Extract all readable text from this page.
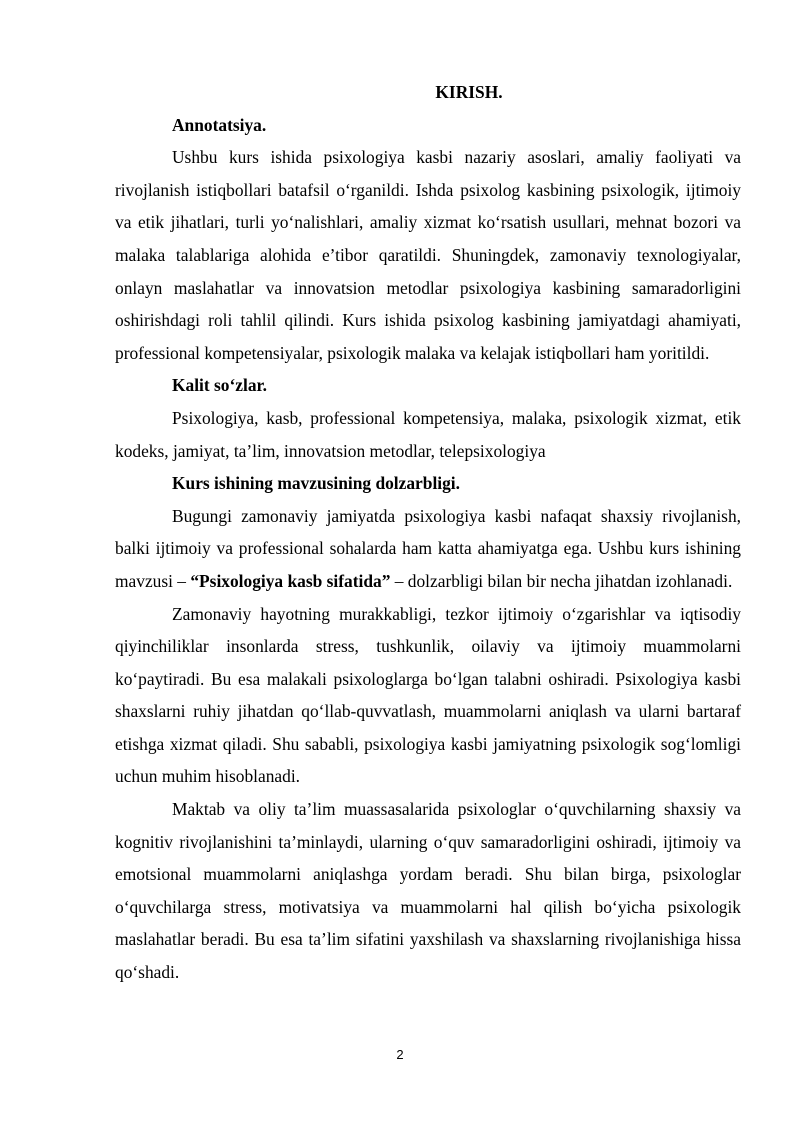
KIRISH.
Annotatsiya.

Ushbu kurs ishida psixologiya kasbi nazariy asoslari, amaliy faoliyati va rivojlanish istiqbollari batafsil o‘rganildi. Ishda psixolog kasbining psixologik, ijtimoiy va etik jihatlari, turli yo‘nalishlari, amaliy xizmat ko‘rsatish usullari, mehnat bozori va malaka talablariga alohida e’tibor qaratildi. Shuningdek, zamonaviy texnologiyalar, onlayn maslahatlar va innovatsion metodlar psixologiya kasbining samaradorligini oshirishdagi roli tahlil qilindi. Kurs ishida psixolog kasbining jamiyatdagi ahamiyati, professional kompetensiyalar, psixologik malaka va kelajak istiqbollari ham yoritildi.

Kalit so‘zlar.

Psixologiya, kasb, professional kompetensiya, malaka, psixologik xizmat, etik kodeks, jamiyat, ta’lim, innovatsion metodlar, telepsixologiya

Kurs ishining mavzusining dolzarbligi.

Bugungi zamonaviy jamiyatda psixologiya kasbi nafaqat shaxsiy rivojlanish, balki ijtimoiy va professional sohalarda ham katta ahamiyatga ega. Ushbu kurs ishining mavzusi – “Psixologiya kasb sifatida” – dolzarbligi bilan bir necha jihatdan izohlanadi.

Zamonaviy hayotning murakkabligi, tezkor ijtimoiy o‘zgarishlar va iqtisodiy qiyinchiliklar insonlarda stress, tushkunlik, oilaviy va ijtimoiy muammolarni ko‘paytiradi. Bu esa malakali psixologlarga bo‘lgan talabni oshiradi. Psixologiya kasbi shaxslarni ruhiy jihatdan qo‘llab-quvvatlash, muammolarni aniqlash va ularni bartaraf etishga xizmat qiladi. Shu sababli, psixologiya kasbi jamiyatning psixologik sog‘lomligi uchun muhim hisoblanadi.

Maktab va oliy ta’lim muassasalarida psixologlar o‘quvchilarning shaxsiy va kognitiv rivojlanishini ta’minlaydi, ularning o‘quv samaradorligini oshiradi, ijtimoiy va emotsional muammolarni aniqlashga yordam beradi. Shu bilan birga, psixologlar o‘quvchilarga stress, motivatsiya va muammolarni hal qilish bo‘yicha psixologik maslahatlar beradi. Bu esa ta’lim sifatini yaxshilash va shaxslarning rivojlanishiga hissa qo‘shadi.

2
